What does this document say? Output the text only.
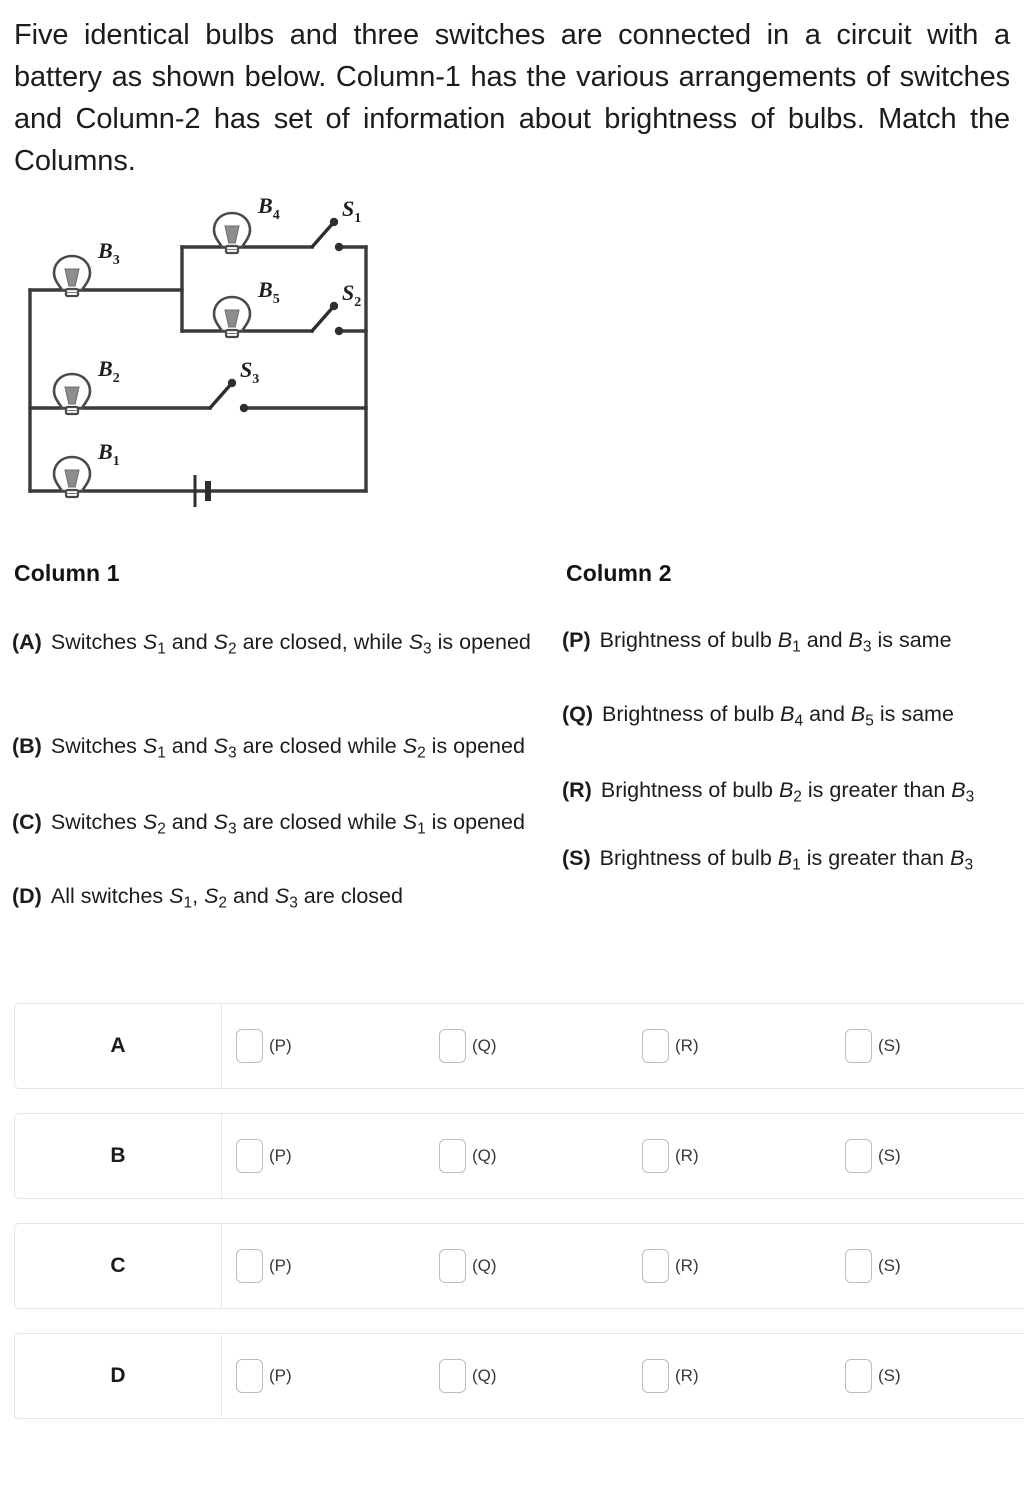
Five identical bulbs and three switches are connected in a circuit with a battery as shown below. Column-1 has the various arrangements of switches and Column-2 has set of information about brightness of bulbs. Match the Columns.
$B_3$
$B_2$
$B_1$
$B_4$
$B_5$
$S_1$
$S_2$
$S_3$
Column 1	Column 2
(A) Switches $S_1$ and $S_2$ are closed, while $S_3$ is opened
(B) Switches $S_1$ and $S_3$ are closed while $S_2$ is opened
(C) Switches $S_2$ and $S_3$ are closed while $S_1$ is opened
(D) All switches $S_1$, $S_2$ and $S_3$ are closed
(P) Brightness of bulb $B_1$ and $B_3$ is same
(Q) Brightness of bulb $B_4$ and $B_5$ is same
(R) Brightness of bulb $B_2$ is greater than $B_3$
(S) Brightness of bulb $B_1$ is greater than $B_3$
A	(P)	(Q)	(R)	(S)
B	(P)	(Q)	(R)	(S)
C	(P)	(Q)	(R)	(S)
D	(P)	(Q)	(R)	(S)
